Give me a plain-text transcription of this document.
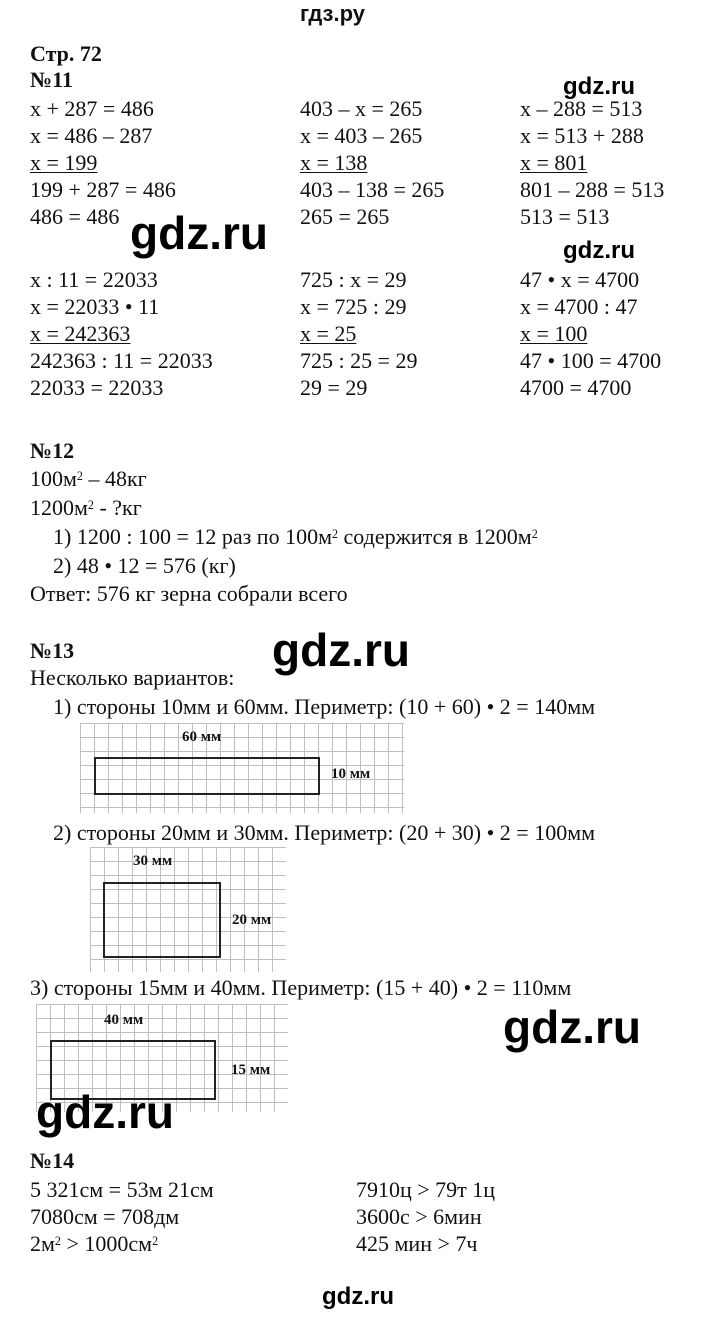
гдз.ру
Стр. 72
№11
x + 287 = 486
x = 486 – 287
x = 199
199 + 287 = 486
486 = 486
403 – x = 265
x = 403 – 265
x = 138
403 – 138 = 265
265 = 265
x – 288 = 513
x = 513 + 288
x = 801
801 – 288 = 513
513 = 513
x : 11 = 22033
x = 22033 • 11
x = 242363
242363 : 11 = 22033
22033 = 22033
725 : x = 29
x = 725 : 29
x = 25
725 : 25 = 29
29 = 29
47 • x = 4700
x = 4700 : 47
x = 100
47 • 100 = 4700
4700 = 4700
№12
$100м^2 - 48кг$
$1200м^2$ - ?кг
1) 1200 : 100 = 12 раз по $100м^2$ содержится в $1200м^2$
2) 48 • 12 = 576 (кг)
Ответ: 576 кг зерна собрали всего
№13
Несколько вариантов:
1) стороны 10мм и 60мм. Периметр: (10 + 60) • 2 = 140мм
60 мм
10 мм
2) стороны 20мм и 30мм. Периметр: (20 + 30) • 2 = 100мм
30 мм
20 мм
3) стороны 15мм и 40мм. Периметр: (15 + 40) • 2 = 110мм
40 мм
15 мм
№14
5 321см = 53м 21см
7080см = 708дм
$2м^2 > 1000см^2$
7910ц > 79т 1ц
3600с > 6мин
425 мин > 7ч
gdz.ru
gdz.ru	gdz.ru
gdz.ru
gdz.ru
gdz.ru
gdz.ru
